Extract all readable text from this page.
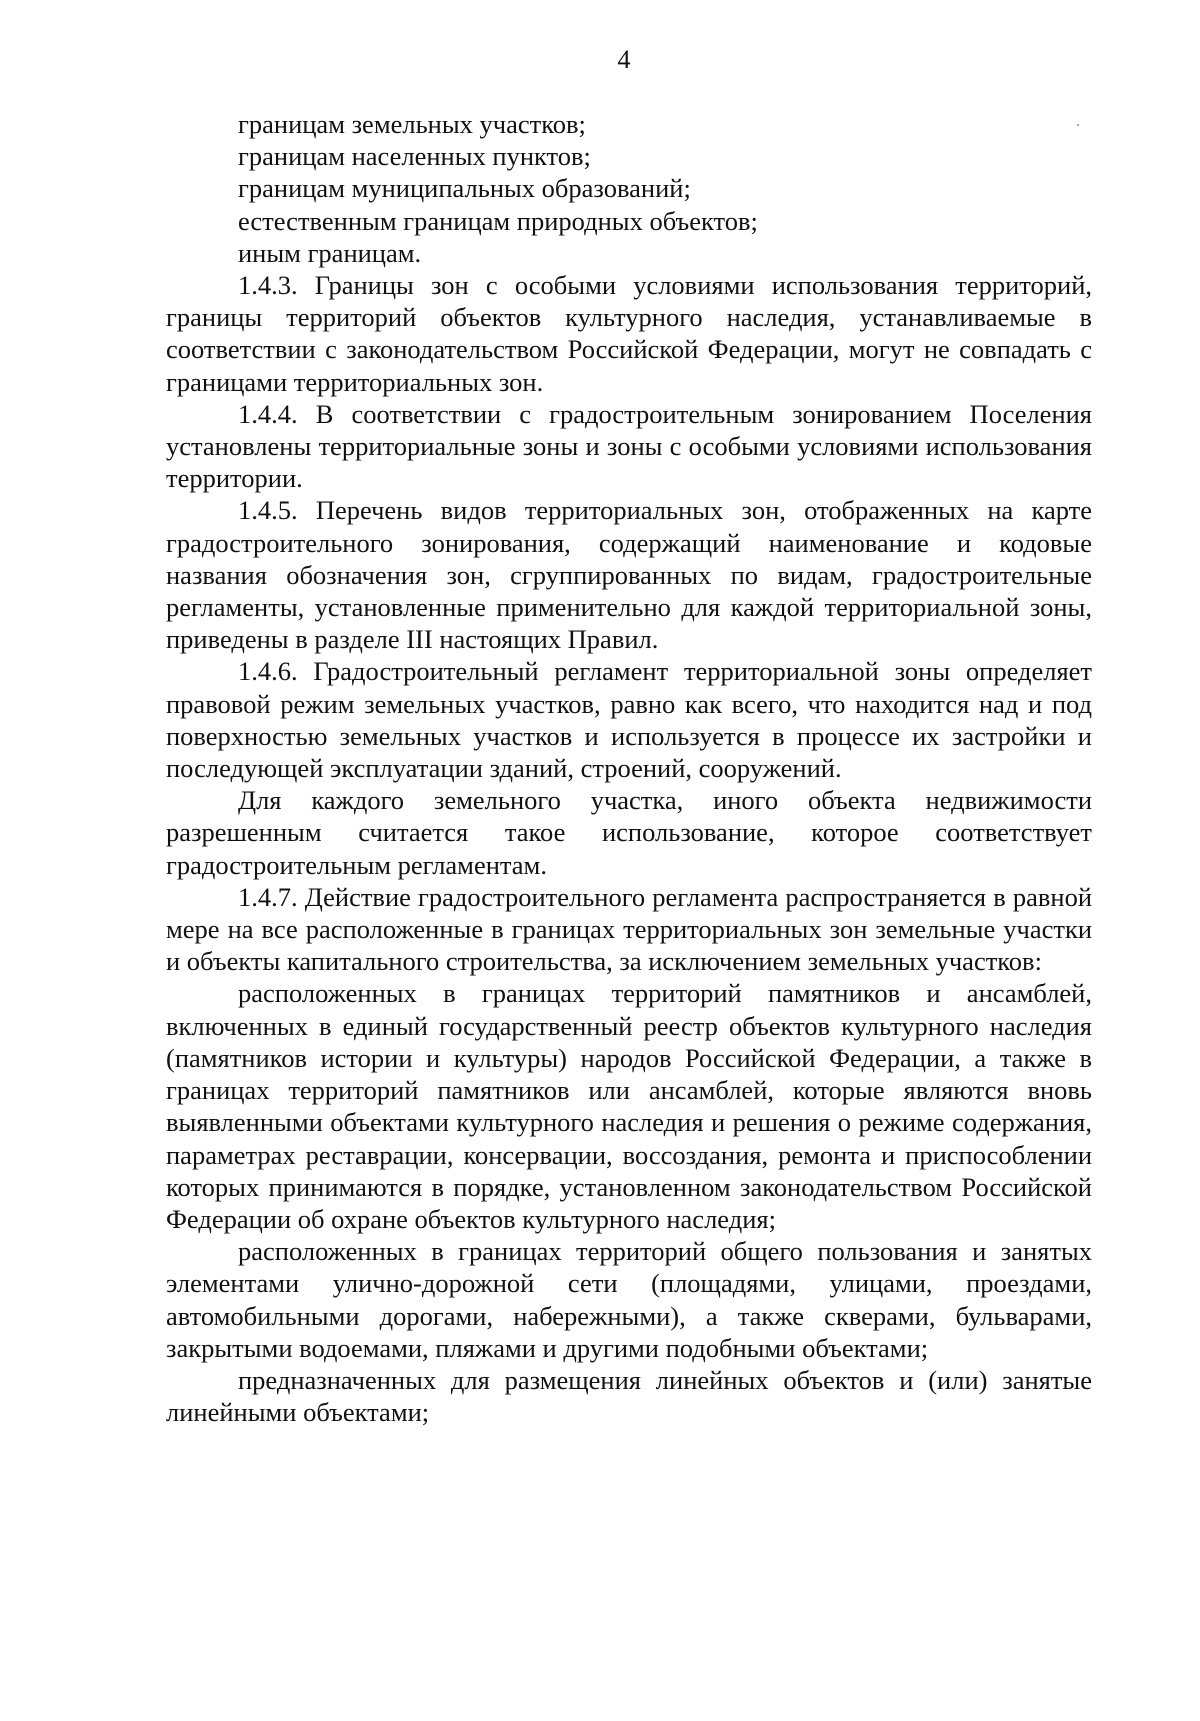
4

границам земельных участков;

границам населенных пунктов;

границам муниципальных образований;

естественным границам природных объектов;

иным границам.

1.4.3. Границы зон с особыми условиями использования территорий, границы территорий объектов культурного наследия, устанавливаемые в соответствии с законодательством Российской Федерации, могут не совпадать с границами территориальных зон.

1.4.4. В соответствии с градостроительным зонированием Поселения установлены территориальные зоны и зоны с особыми условиями использования территории.

1.4.5. Перечень видов территориальных зон, отображенных на карте градостроительного зонирования, содержащий наименование и кодовые названия обозначения зон, сгруппированных по видам, градостроительные регламенты, установленные применительно для каждой территориальной зоны, приведены в разделе III настоящих Правил.

1.4.6. Градостроительный регламент территориальной зоны определяет правовой режим земельных участков, равно как всего, что находится над и под поверхностью земельных участков и используется в процессе их застройки и последующей эксплуатации зданий, строений, сооружений.

Для каждого земельного участка, иного объекта недвижимости разрешенным считается такое использование, которое соответствует градостроительным регламентам.

1.4.7. Действие градостроительного регламента распространяется в равной мере на все расположенные в границах территориальных зон земельные участки и объекты капитального строительства, за исключением земельных участков:

расположенных в границах территорий памятников и ансамблей, включенных в единый государственный реестр объектов культурного наследия (памятников истории и культуры) народов Российской Федерации, а также в границах территорий памятников или ансамблей, которые являются вновь выявленными объектами культурного наследия и решения о режиме содержания, параметрах реставрации, консервации, воссоздания, ремонта и приспособлении которых принимаются в порядке, установленном законодательством Российской Федерации об охране объектов культурного наследия;

расположенных в границах территорий общего пользования и занятых элементами улично-дорожной сети (площадями, улицами, проездами, автомобильными дорогами, набережными), а также скверами, бульварами, закрытыми водоемами, пляжами и другими подобными объектами;

предназначенных для размещения линейных объектов и (или) занятые линейными объектами;
